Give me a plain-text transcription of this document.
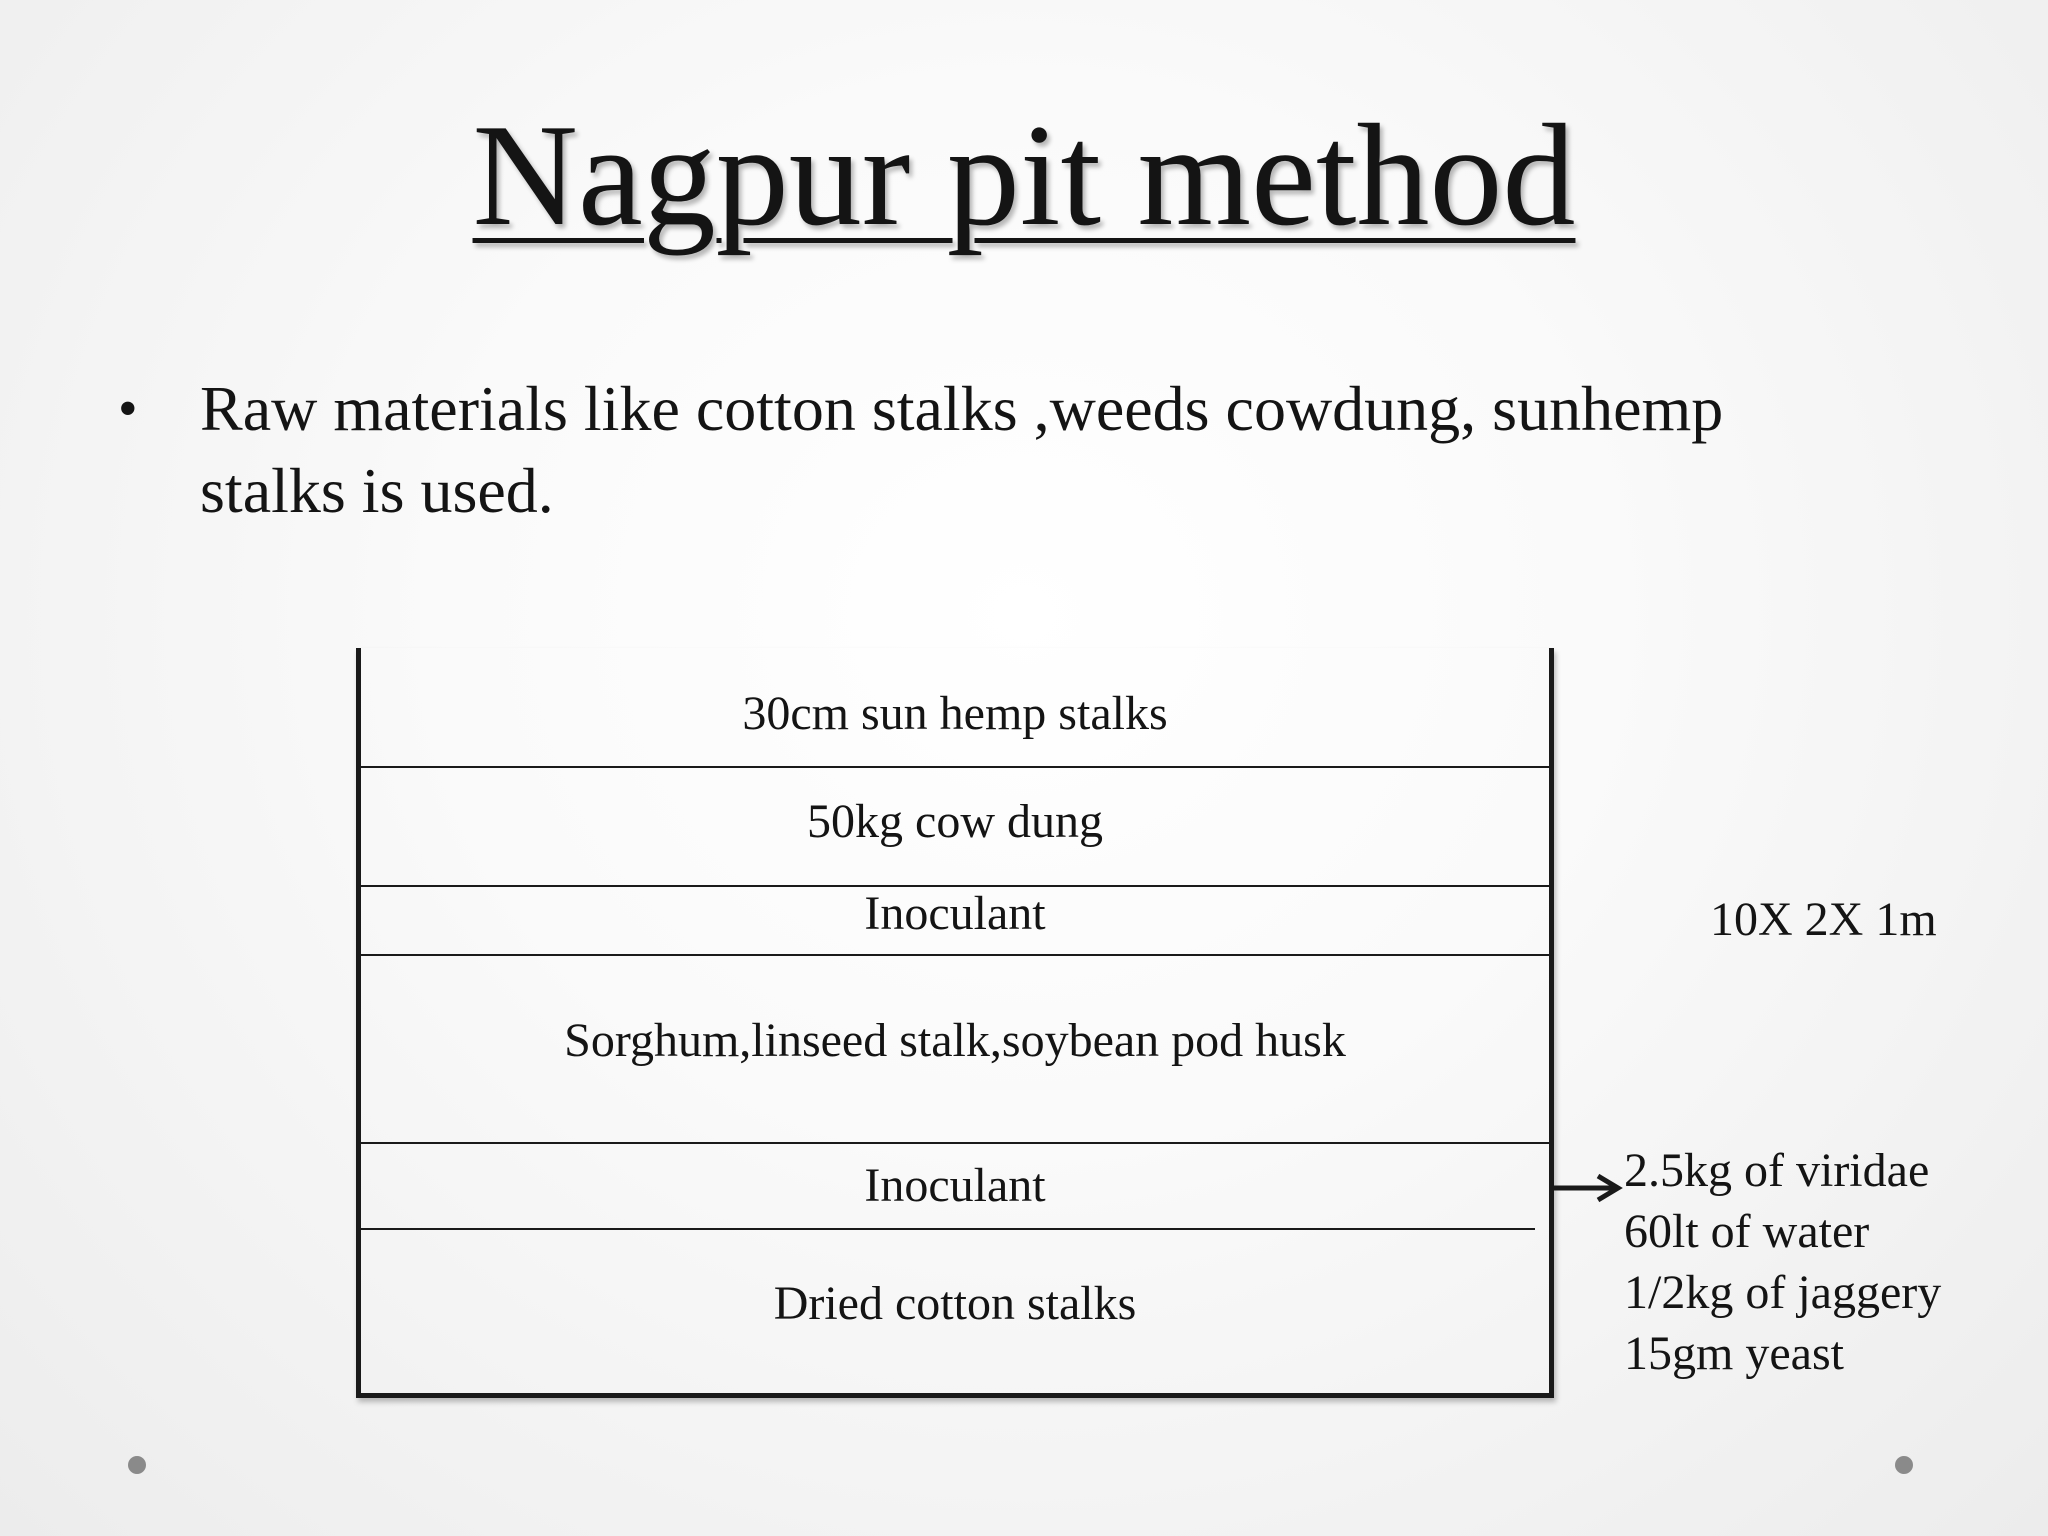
Nagpur pit method
• Raw materials like cotton stalks ,weeds cowdung, sunhemp stalks is used.
30cm sun hemp stalks
50kg cow dung
Inoculant
Sorghum,linseed stalk,soybean pod husk
Inoculant
Dried cotton stalks
10X 2X 1m
2.5kg of viridae
60lt of water
1/2kg of jaggery
15gm yeast
